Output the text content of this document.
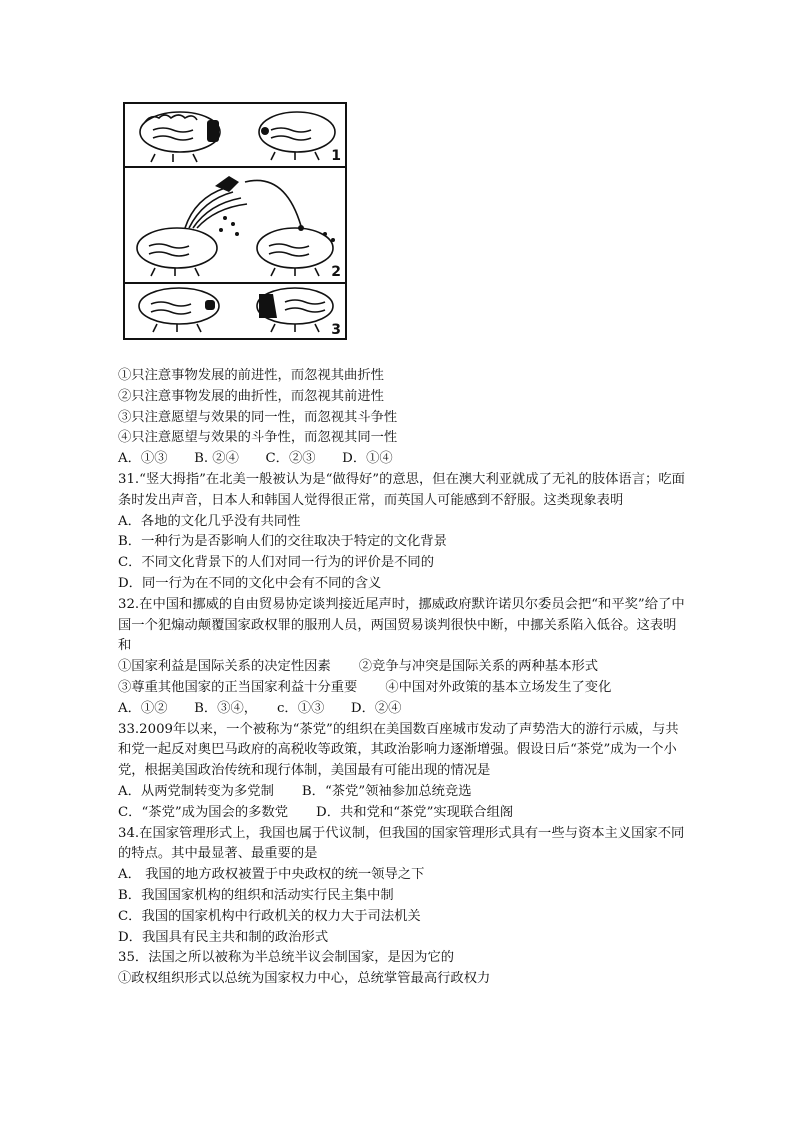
1
2
3
①只注意事物发展的前进性，而忽视其曲折性
②只注意事物发展的曲折性，而忽视其前进性
③只注意愿望与效果的同一性，而忽视其斗争性
④只注意愿望与效果的斗争性，而忽视其同一性
A．①③　　B. ②④　　C．②③　　D．①④
31.“竖大拇指”在北美一般被认为是“做得好”的意思，但在澳大利亚就成了无礼的肢体语言；吃面条时发出声音，日本人和韩国人觉得很正常，而英国人可能感到不舒服。这类现象表明
A．各地的文化几乎没有共同性
B．一种行为是否影响人们的交往取决于特定的文化背景
C．不同文化背景下的人们对同一行为的评价是不同的
D．同一行为在不同的文化中会有不同的含义
32.在中国和挪威的自由贸易协定谈判接近尾声时，挪威政府默许诺贝尔委员会把“和平奖”给了中国一个犯煽动颠覆国家政权罪的服刑人员，两国贸易谈判很快中断，中挪关系陷入低谷。这表明和
①国家利益是国际关系的决定性因素 ②竞争与冲突是国际关系的两种基本形式
③尊重其他国家的正当国家利益十分重要 ④中国对外政策的基本立场发生了变化
A．①②　　B．③④，　　c．①③　　D．②④
33.2009年以来，一个被称为“茶党”的组织在美国数百座城市发动了声势浩大的游行示威，与共和党一起反对奥巴马政府的高税收等政策，其政治影响力逐渐增强。假设日后“茶党”成为一个小党，根据美国政治传统和现行体制，美国最有可能出现的情况是
A．从两党制转变为多党制 B．“茶党”领袖参加总统竞选
C．“茶党”成为国会的多数党 D．共和党和“茶党”实现联合组阁
34.在国家管理形式上，我国也属于代议制，但我国的国家管理形式具有一些与资本主义国家不同的特点。其中最显著、最重要的是
A． 我国的地方政权被置于中央政权的统一领导之下
B．我国国家机构的组织和活动实行民主集中制
C．我国的国家机构中行政机关的权力大于司法机关
D．我国具有民主共和制的政治形式
35．法国之所以被称为半总统半议会制国家，是因为它的
①政权组织形式以总统为国家权力中心，总统掌管最高行政权力
